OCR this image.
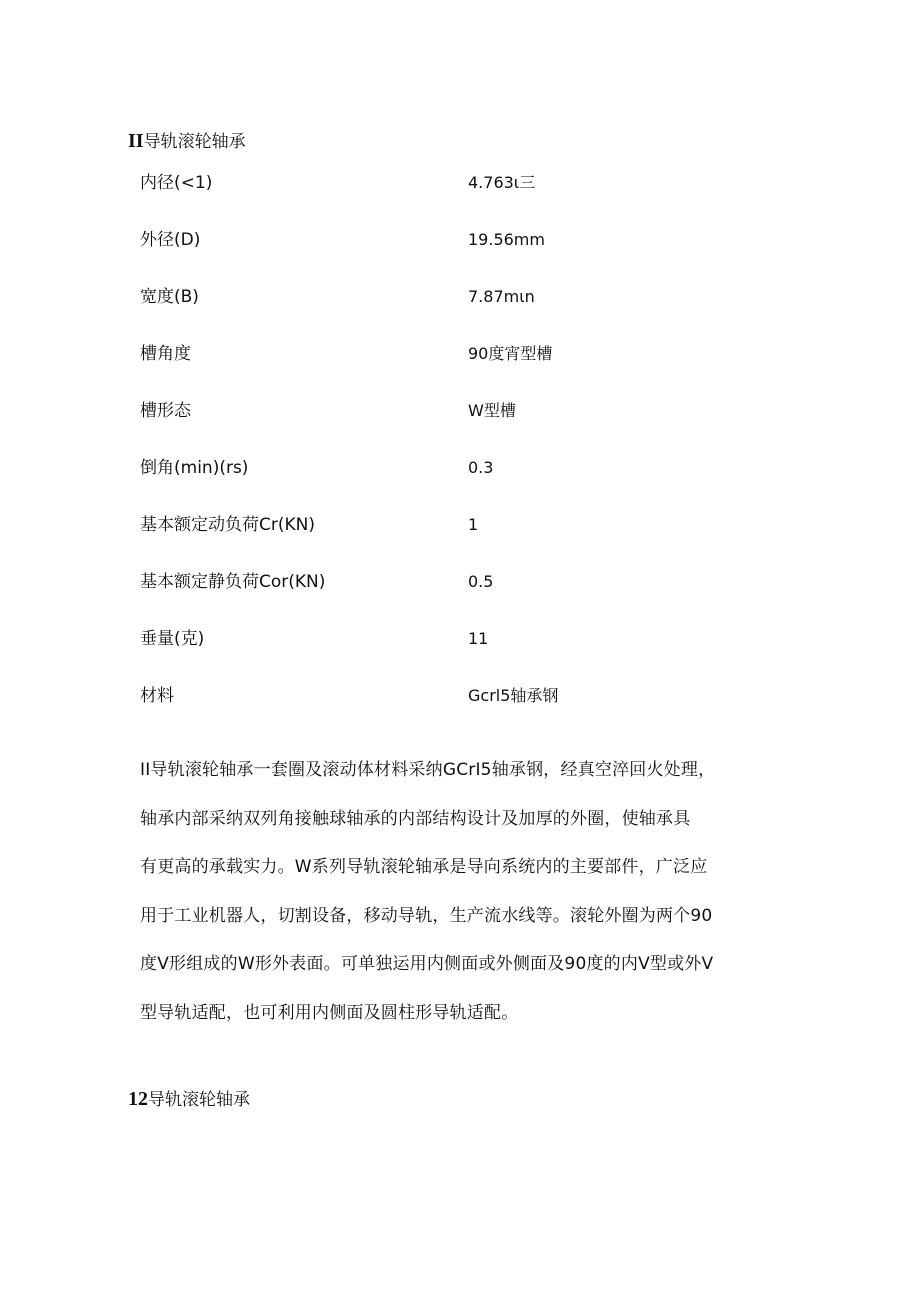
II导轨滚轮轴承
内径(<1)	4.763ι三
外径(D)	19.56mm
宽度(B)	7.87mιn
槽角度	90度宵型槽
槽形态	W型槽
倒角(min)(rs)	0.3
基本额定动负荷Cr(KN)	1
基本额定静负荷Cor(KN)	0.5
垂量(克)	11
材料	Gcrl5轴承钢
II导轨滚轮轴承一套圈及滚动体材料采纳GCrI5轴承钢，经真空淬回火处理，
轴承内部采纳双列角接触球轴承的内部结构设计及加厚的外圈，使轴承具
有更高的承载实力。W系列导轨滚轮轴承是导向系统内的主要部件，广泛应
用于工业机器人，切割设备，移动导轨，生产流水线等。滚轮外圈为两个90
度V形组成的W形外表面。可单独运用内侧面或外侧面及90度的内V型或外V
型导轨适配，也可利用内侧面及圆柱形导轨适配。
12导轨滚轮轴承
